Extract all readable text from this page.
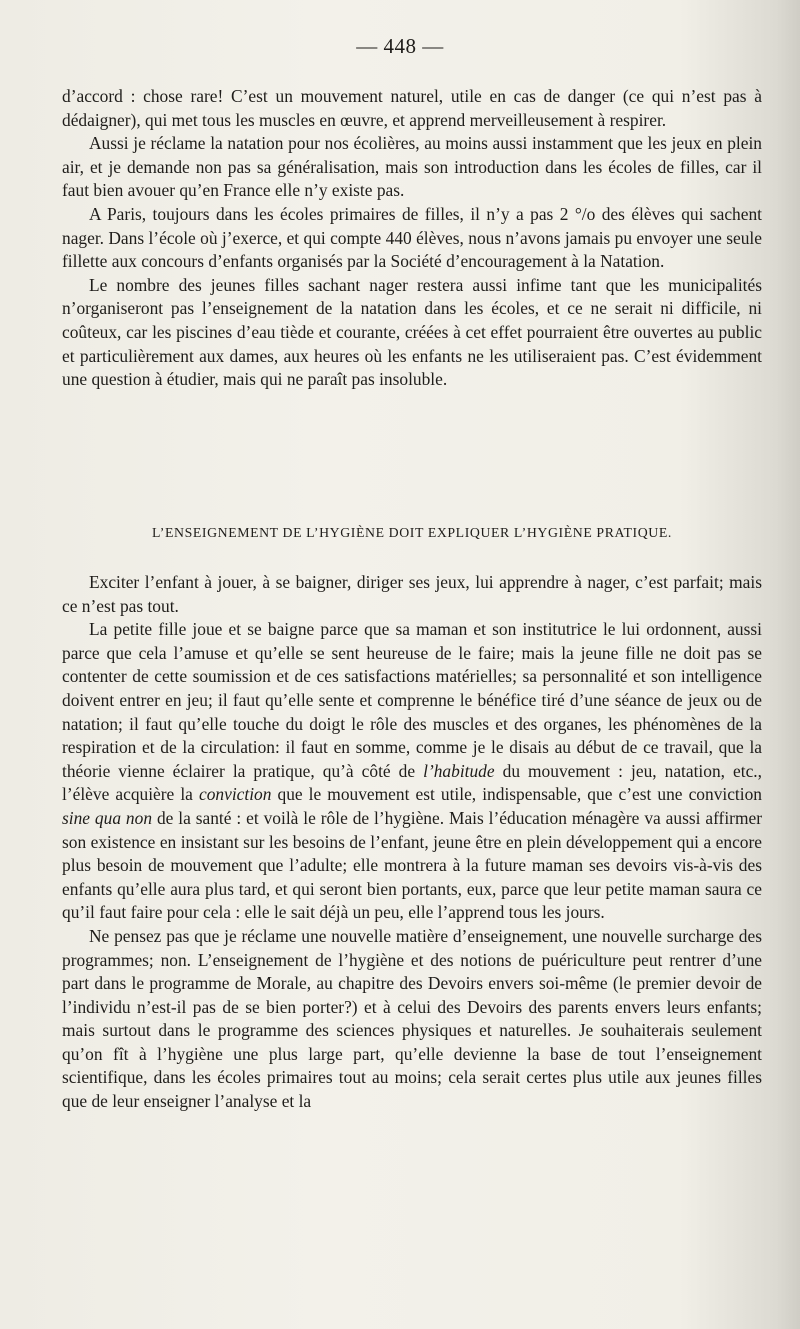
— 448 —

d’accord : chose rare! C’est un mouvement naturel, utile en cas de danger (ce qui n’est pas à dédaigner), qui met tous les muscles en œuvre, et apprend merveilleusement à respirer.

Aussi je réclame la natation pour nos écolières, au moins aussi instamment que les jeux en plein air, et je demande non pas sa généralisation, mais son introduction dans les écoles de filles, car il faut bien avouer qu’en France elle n’y existe pas.

A Paris, toujours dans les écoles primaires de filles, il n’y a pas 2 °/o des élèves qui sachent nager. Dans l’école où j’exerce, et qui compte 440 élèves, nous n’avons jamais pu envoyer une seule fillette aux concours d’enfants organisés par la Société d’encouragement à la Natation.

Le nombre des jeunes filles sachant nager restera aussi infime tant que les municipalités n’organiseront pas l’enseignement de la natation dans les écoles, et ce ne serait ni difficile, ni coûteux, car les piscines d’eau tiède et courante, créées à cet effet pourraient être ouvertes au public et particulièrement aux dames, aux heures où les enfants ne les utiliseraient pas. C’est évidemment une question à étudier, mais qui ne paraît pas insoluble.

L’ENSEIGNEMENT DE L’HYGIÈNE DOIT EXPLIQUER L’HYGIÈNE PRATIQUE.

Exciter l’enfant à jouer, à se baigner, diriger ses jeux, lui apprendre à nager, c’est parfait; mais ce n’est pas tout.

La petite fille joue et se baigne parce que sa maman et son institutrice le lui ordonnent, aussi parce que cela l’amuse et qu’elle se sent heureuse de le faire; mais la jeune fille ne doit pas se contenter de cette soumission et de ces satisfactions matérielles; sa personnalité et son intelligence doivent entrer en jeu; il faut qu’elle sente et comprenne le bénéfice tiré d’une séance de jeux ou de natation; il faut qu’elle touche du doigt le rôle des muscles et des organes, les phénomènes de la respiration et de la circulation: il faut en somme, comme je le disais au début de ce travail, que la théorie vienne éclairer la pratique, qu’à côté de l’habitude du mouvement : jeu, natation, etc., l’élève acquière la conviction que le mouvement est utile, indispensable, que c’est une conviction sine qua non de la santé : et voilà le rôle de l’hygiène. Mais l’éducation ménagère va aussi affirmer son existence en insistant sur les besoins de l’enfant, jeune être en plein développement qui a encore plus besoin de mouvement que l’adulte; elle montrera à la future maman ses devoirs vis-à-vis des enfants qu’elle aura plus tard, et qui seront bien portants, eux, parce que leur petite maman saura ce qu’il faut faire pour cela : elle le sait déjà un peu, elle l’apprend tous les jours.

Ne pensez pas que je réclame une nouvelle matière d’enseignement, une nouvelle surcharge des programmes; non. L’enseignement de l’hygiène et des notions de puériculture peut rentrer d’une part dans le programme de Morale, au chapitre des Devoirs envers soi-même (le premier devoir de l’individu n’est-il pas de se bien porter?) et à celui des Devoirs des parents envers leurs enfants; mais surtout dans le programme des sciences physiques et naturelles. Je souhaiterais seulement qu’on fît à l’hygiène une plus large part, qu’elle devienne la base de tout l’enseignement scientifique, dans les écoles primaires tout au moins; cela serait certes plus utile aux jeunes filles que de leur enseigner l’analyse et la
